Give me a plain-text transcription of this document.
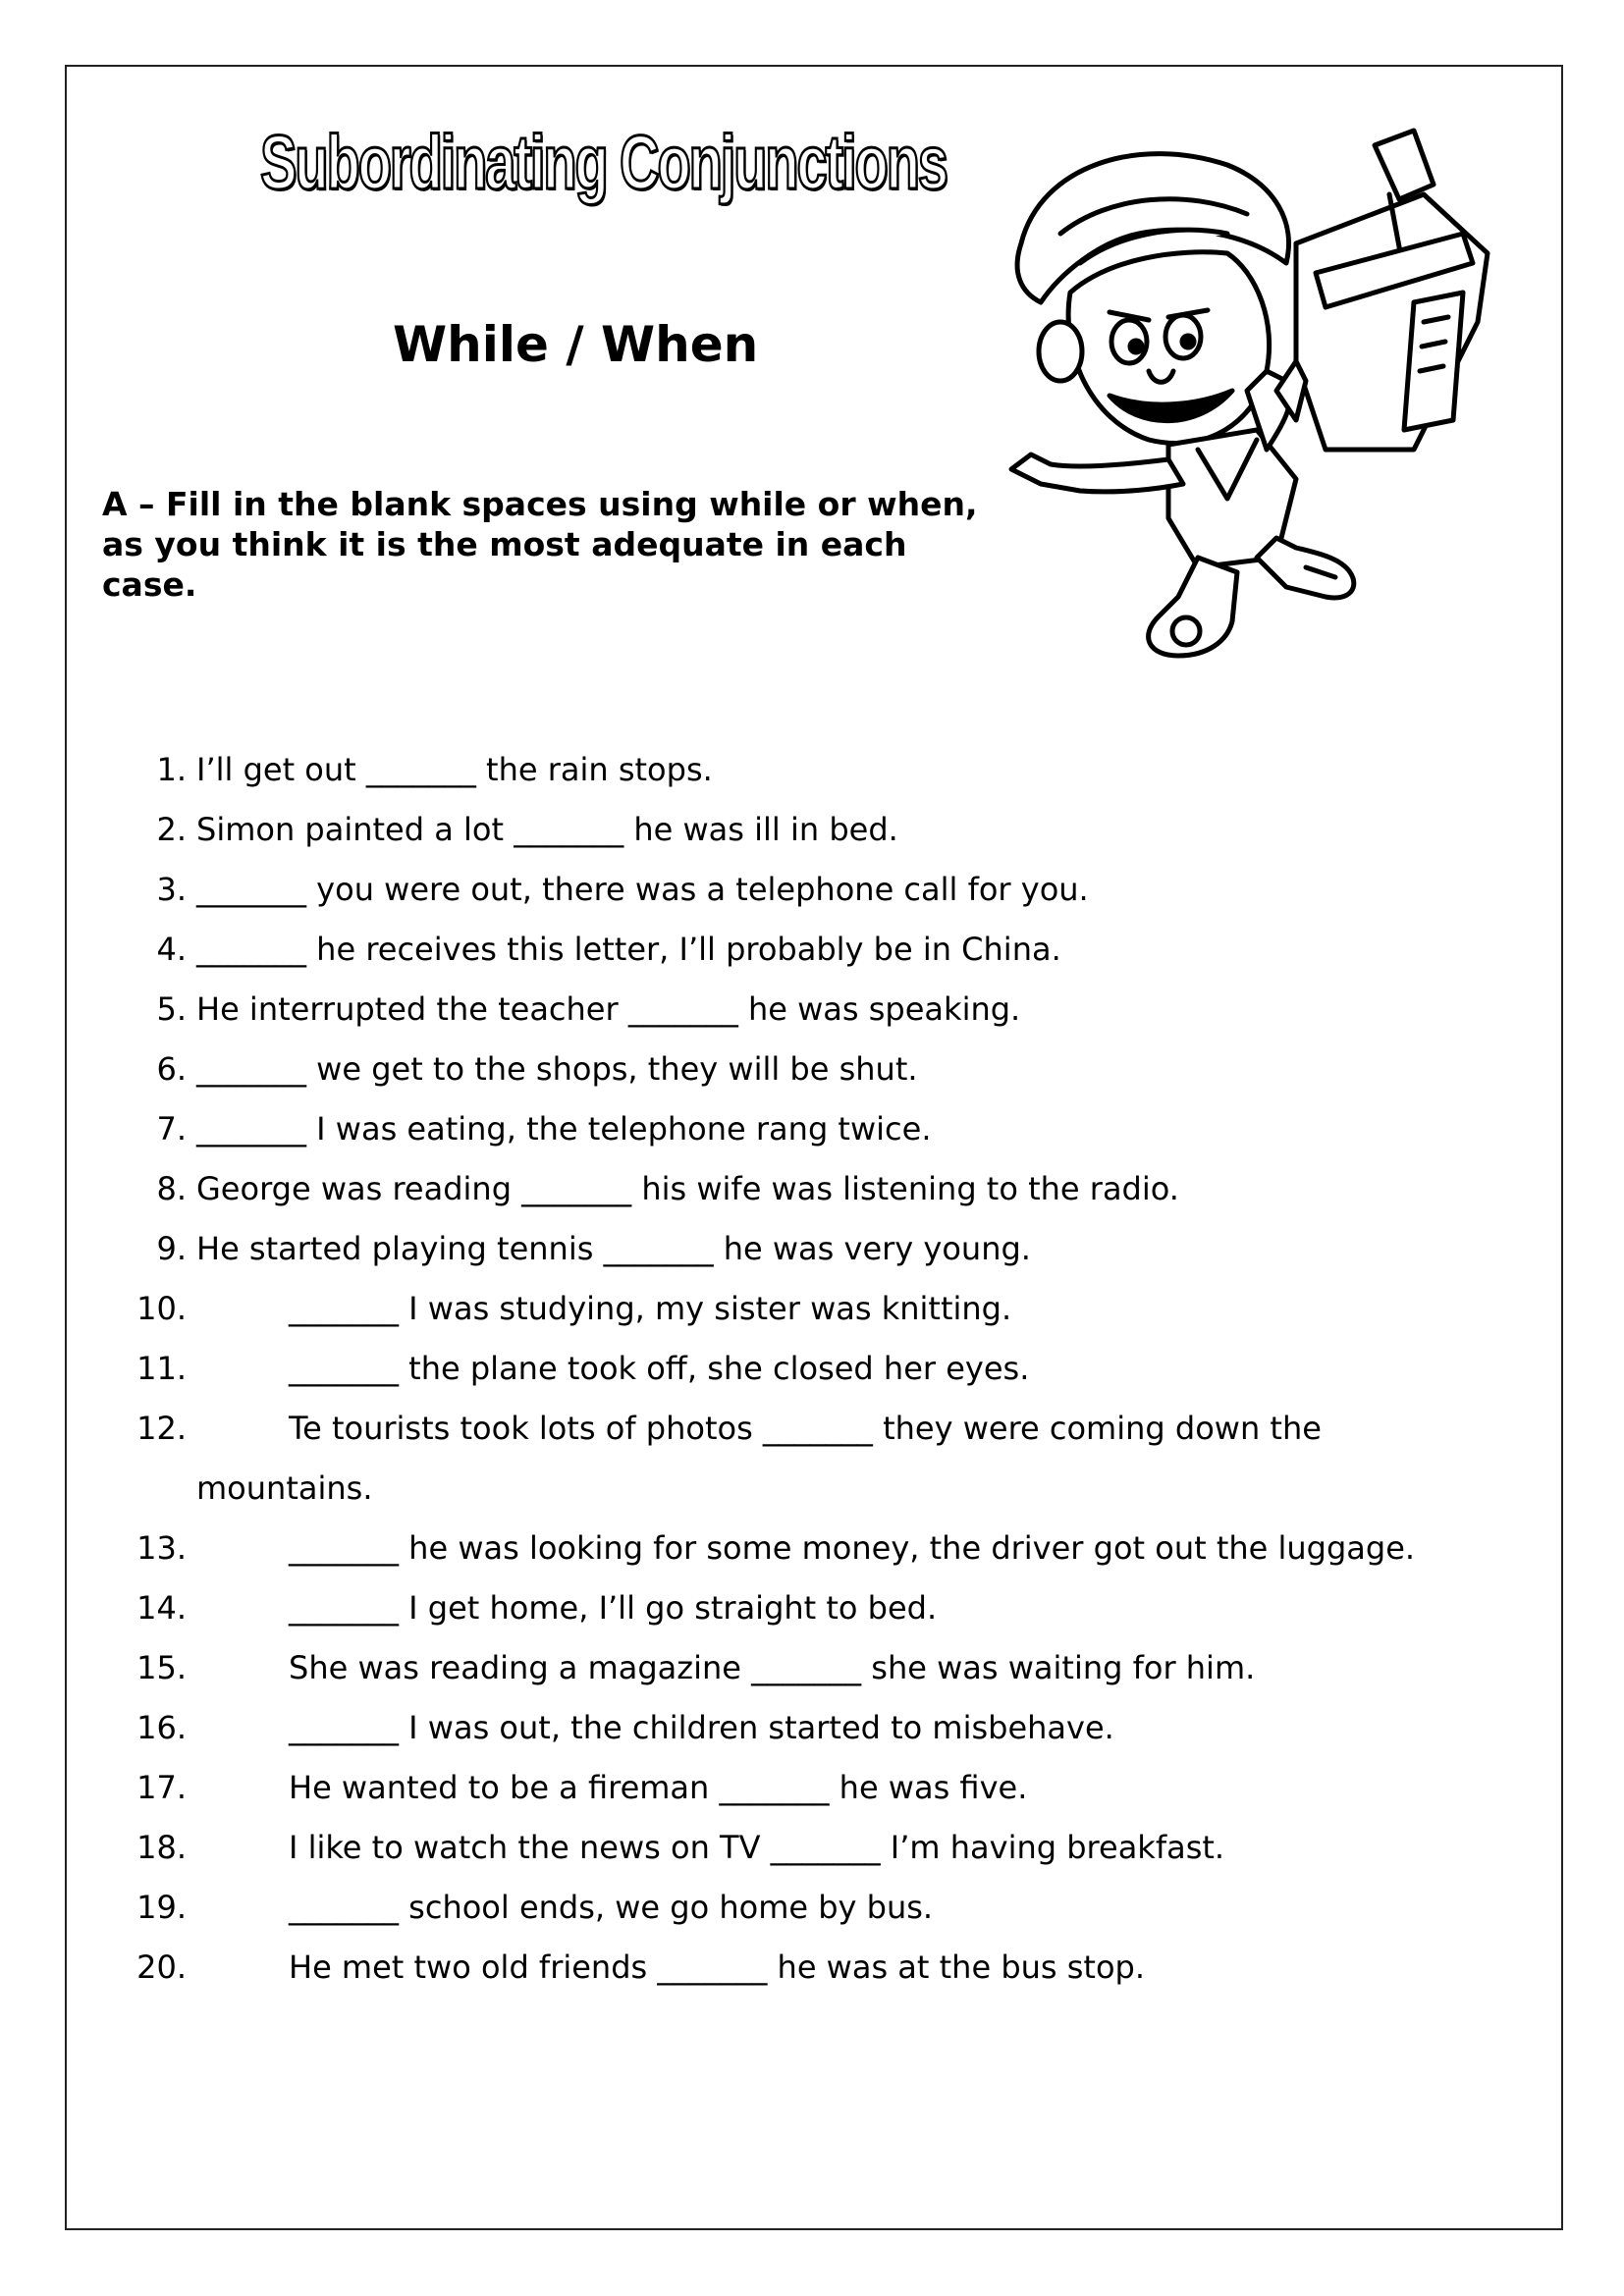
Subordinating Conjunctions
While / When
A – Fill in the blank spaces using while or when, as you think it is the most adequate in each case.
1. I’ll get out _______ the rain stops.
2. Simon painted a lot _______ he was ill in bed.
3. _______ you were out, there was a telephone call for you.
4. _______ he receives this letter, I’ll probably be in China.
5. He interrupted the teacher _______ he was speaking.
6. _______ we get to the shops, they will be shut.
7. _______ I was eating, the telephone rang twice.
8. George was reading _______ his wife was listening to the radio.
9. He started playing tennis _______ he was very young.
10.	_______ I was studying, my sister was knitting.
11.	_______ the plane took off, she closed her eyes.
12.	Te tourists took lots of photos _______ they were coming down the
mountains.
13.	_______ he was looking for some money, the driver got out the luggage.
14.	_______ I get home, I’ll go straight to bed.
15.	She was reading a magazine _______ she was waiting for him.
16.	_______ I was out, the children started to misbehave.
17.	He wanted to be a fireman _______ he was five.
18.	I like to watch the news on TV _______ I’m having breakfast.
19.	_______ school ends, we go home by bus.
20.	He met two old friends _______ he was at the bus stop.
